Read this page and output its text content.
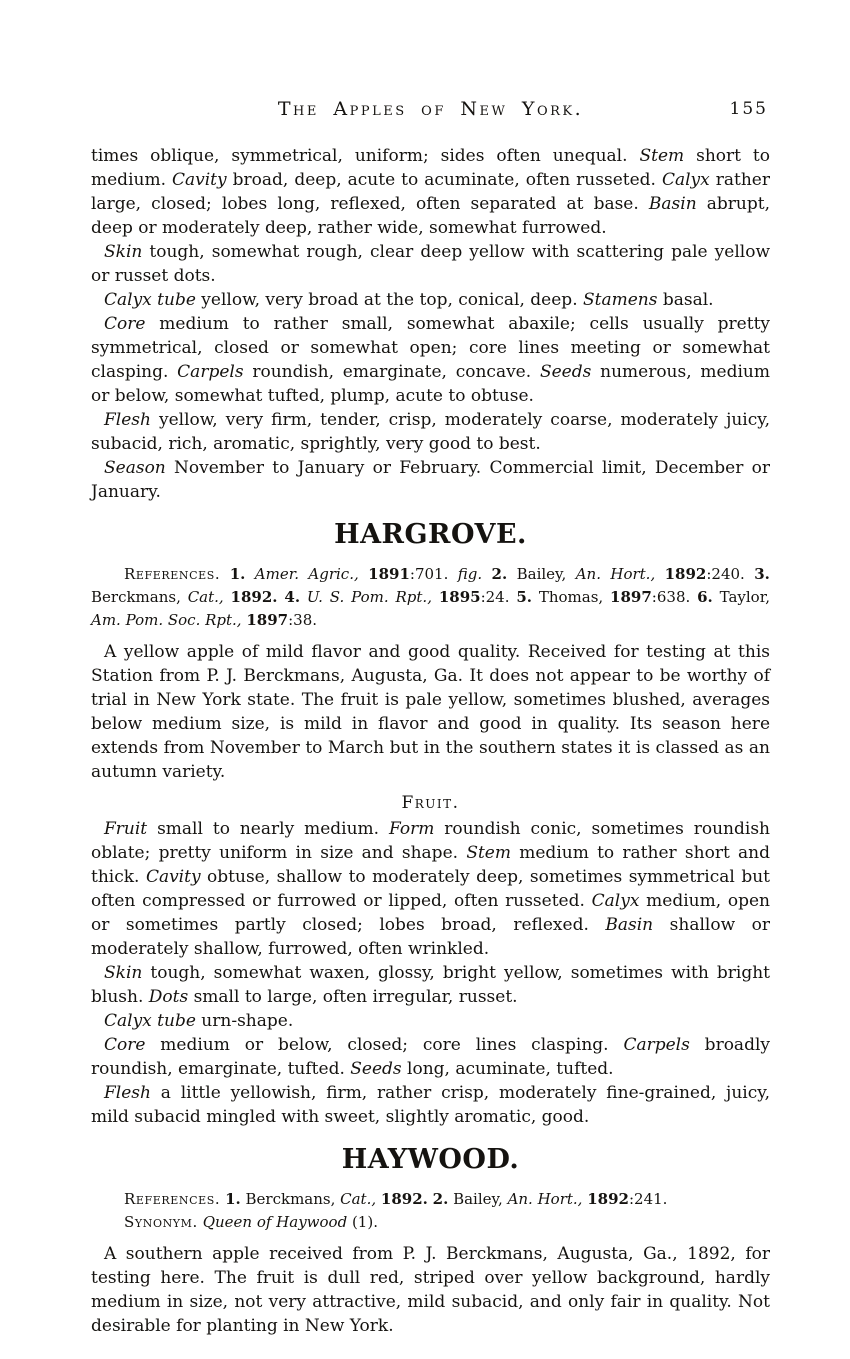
The Apples of New York.	155

times oblique, symmetrical, uniform; sides often unequal. Stem short to medium. Cavity broad, deep, acute to acuminate, often russeted. Calyx rather large, closed; lobes long, reflexed, often separated at base. Basin abrupt, deep or moderately deep, rather wide, somewhat furrowed.

Skin tough, somewhat rough, clear deep yellow with scattering pale yellow or russet dots.

Calyx tube yellow, very broad at the top, conical, deep. Stamens basal.

Core medium to rather small, somewhat abaxile; cells usually pretty symmetrical, closed or somewhat open; core lines meeting or somewhat clasping. Carpels roundish, emarginate, concave. Seeds numerous, medium or below, somewhat tufted, plump, acute to obtuse.

Flesh yellow, very firm, tender, crisp, moderately coarse, moderately juicy, subacid, rich, aromatic, sprightly, very good to best.

Season November to January or February. Commercial limit, December or January.

HARGROVE.

References. 1. Amer. Agric., 1891:701. fig. 2. Bailey, An. Hort., 1892:240. 3. Berckmans, Cat., 1892. 4. U. S. Pom. Rpt., 1895:24. 5. Thomas, 1897:638. 6. Taylor, Am. Pom. Soc. Rpt., 1897:38.

A yellow apple of mild flavor and good quality. Received for testing at this Station from P. J. Berckmans, Augusta, Ga. It does not appear to be worthy of trial in New York state. The fruit is pale yellow, sometimes blushed, averages below medium size, is mild in flavor and good in quality. Its season here extends from November to March but in the southern states it is classed as an autumn variety.

Fruit.

Fruit small to nearly medium. Form roundish conic, sometimes roundish oblate; pretty uniform in size and shape. Stem medium to rather short and thick. Cavity obtuse, shallow to moderately deep, sometimes symmetrical but often compressed or furrowed or lipped, often russeted. Calyx medium, open or sometimes partly closed; lobes broad, reflexed. Basin shallow or moderately shallow, furrowed, often wrinkled.

Skin tough, somewhat waxen, glossy, bright yellow, sometimes with bright blush. Dots small to large, often irregular, russet.

Calyx tube urn-shape.

Core medium or below, closed; core lines clasping. Carpels broadly roundish, emarginate, tufted. Seeds long, acuminate, tufted.

Flesh a little yellowish, firm, rather crisp, moderately fine-grained, juicy, mild subacid mingled with sweet, slightly aromatic, good.

HAYWOOD.

References. 1. Berckmans, Cat., 1892. 2. Bailey, An. Hort., 1892:241.

Synonym. Queen of Haywood (1).

A southern apple received from P. J. Berckmans, Augusta, Ga., 1892, for testing here. The fruit is dull red, striped over yellow background, hardly medium in size, not very attractive, mild subacid, and only fair in quality. Not desirable for planting in New York.
